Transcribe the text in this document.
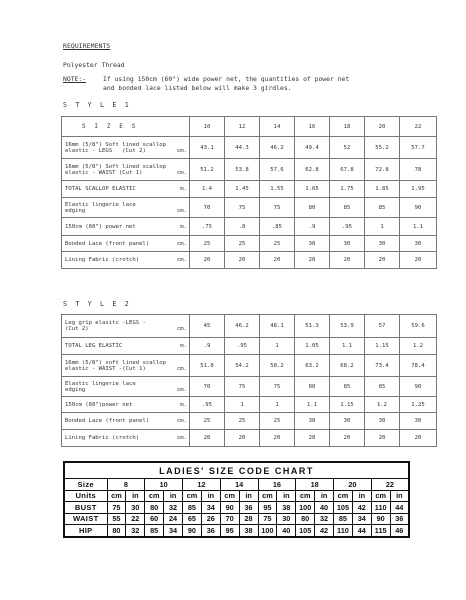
REQUIREMENTS
Polyester Thread
NOTE:-	If using 150cm (60") wide power net, the quantities of power net
and bonded lace listed below will make 3 girdles.
S T Y L E 1
S I Z E S	10	12	14	16	18	20	22

16mm (5/8") Soft lined scallop
elastic - LEGS   (Cut 2) cm.	43.1	44.3	46.2	49.4	52	55.2	57.7

16mm (5/8") Soft lined scallop
elastic - WAIST (Cut 1) cm.	51.2	53.8	57.6	62.8	67.8	72.8	78

TOTAL SCALLOP ELASTIC m.	1.4	1.45	1.55	1.65	1.75	1.85	1.95

Elastic lingerie lace
edging cm.	70	75	75	80	85	85	90

150cm (60") power net m.	.75	.8	.85	.9	.95	1	1.1

Bonded Lace (front panel) cm.	25	25	25	30	30	30	30

Lining Fabric (crotch) cm.	20	20	20	20	20	20	20
S T Y L E 2
Leg grip elasitc -LEGS -
(Cut 2) cm.	45	46.2	48.1	51.3	53.9	57	59.6

TOTAL LEG ELASTIC m.	.9	.95	1	1.05	1.1	1.15	1.2

16mm (5/8") soft lined scallop
elastic - WAIST -(Cut 1) cm.	51.8	54.2	58.2	63.2	68.2	73.4	78.4

Elastic lingerie lace
edging cm.	70	75	75	80	85	85	90

150cm (60")power net m.	.95	1	1	1.1	1.15	1.2	1.25

Bonded Lace (front panel) cm.	25	25	25	30	30	30	30

Lining Fabric (crotch) cm.	20	20	20	20	20	20	20
LADIES' SIZE CODE CHART																
Size	8		10		12		14		16		18		20		22	
Units	cm	in	cm	in	cm	in	cm	in	cm	in	cm	in	cm	in	cm	in
BUST	75	30	80	32	85	34	90	36	95	38	100	40	105	42	110	44
WAIST	55	22	60	24	65	26	70	28	75	30	80	32	85	34	90	36
HIP	80	32	85	34	90	36	95	38	100	40	105	42	110	44	115	46
